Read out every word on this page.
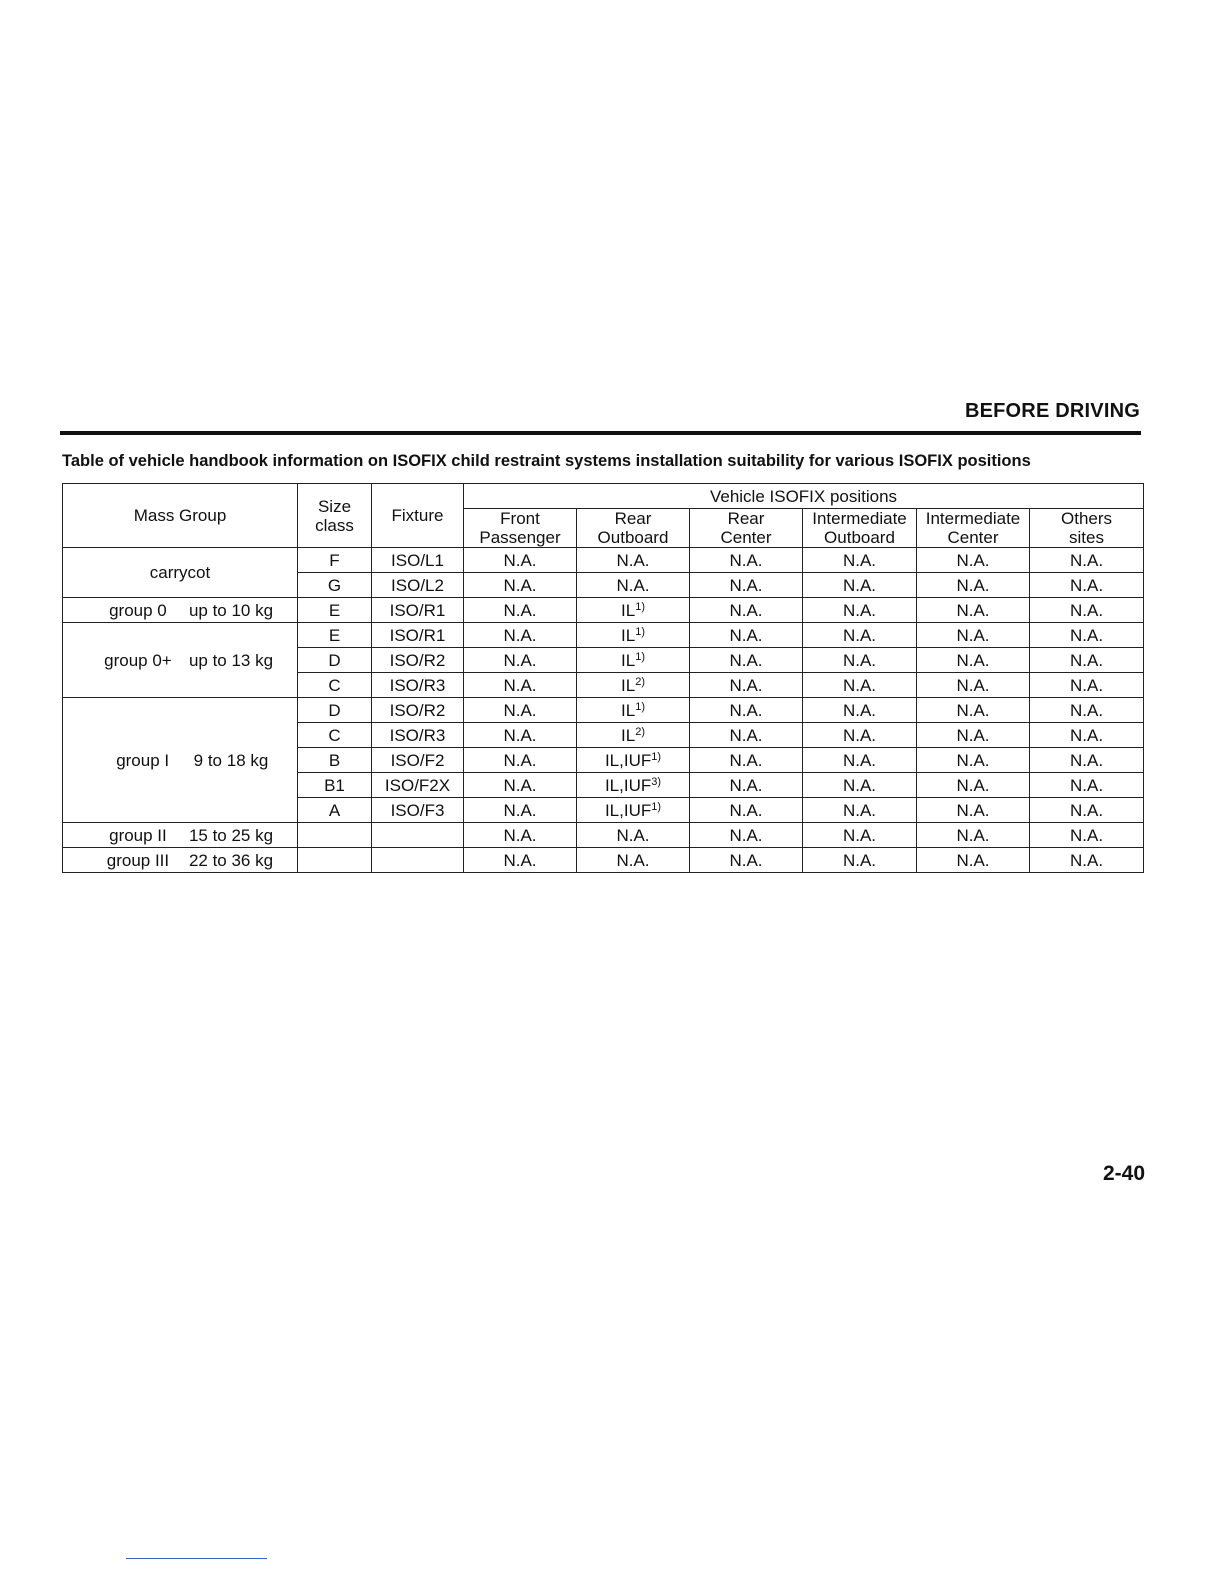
BEFORE DRIVING

Table of vehicle handbook information on ISOFIX child restraint systems installation suitability for various ISOFIX positions

Mass Group	Size class	Fixture	Vehicle ISOFIX positions					
			Front Passenger	Rear Outboard	Rear Center	Intermediate Outboard	Intermediate Center	Others sites
carrycot	F	ISO/L1	N.A.	N.A.	N.A.	N.A.	N.A.	N.A.
	G	ISO/L2	N.A.	N.A.	N.A.	N.A.	N.A.	N.A.
group 0 up to 10 kg	E	ISO/R1	N.A.	IL$^{1)}$	N.A.	N.A.	N.A.	N.A.
group 0+ up to 13 kg	E	ISO/R1	N.A.	IL$^{1)}$	N.A.	N.A.	N.A.	N.A.
	D	ISO/R2	N.A.	IL$^{1)}$	N.A.	N.A.	N.A.	N.A.
	C	ISO/R3	N.A.	IL$^{2)}$	N.A.	N.A.	N.A.	N.A.
group I 9 to 18 kg	D	ISO/R2	N.A.	IL$^{1)}$	N.A.	N.A.	N.A.	N.A.
	C	ISO/R3	N.A.	IL$^{2)}$	N.A.	N.A.	N.A.	N.A.
	B	ISO/F2	N.A.	IL,IUF$^{1)}$	N.A.	N.A.	N.A.	N.A.
	B1	ISO/F2X	N.A.	IL,IUF$^{3)}$	N.A.	N.A.	N.A.	N.A.
	A	ISO/F3	N.A.	IL,IUF$^{1)}$	N.A.	N.A.	N.A.	N.A.
group II 15 to 25 kg			N.A.	N.A.	N.A.	N.A.	N.A.	N.A.
group III 22 to 36 kg			N.A.	N.A.	N.A.	N.A.	N.A.	N.A.

2-40
